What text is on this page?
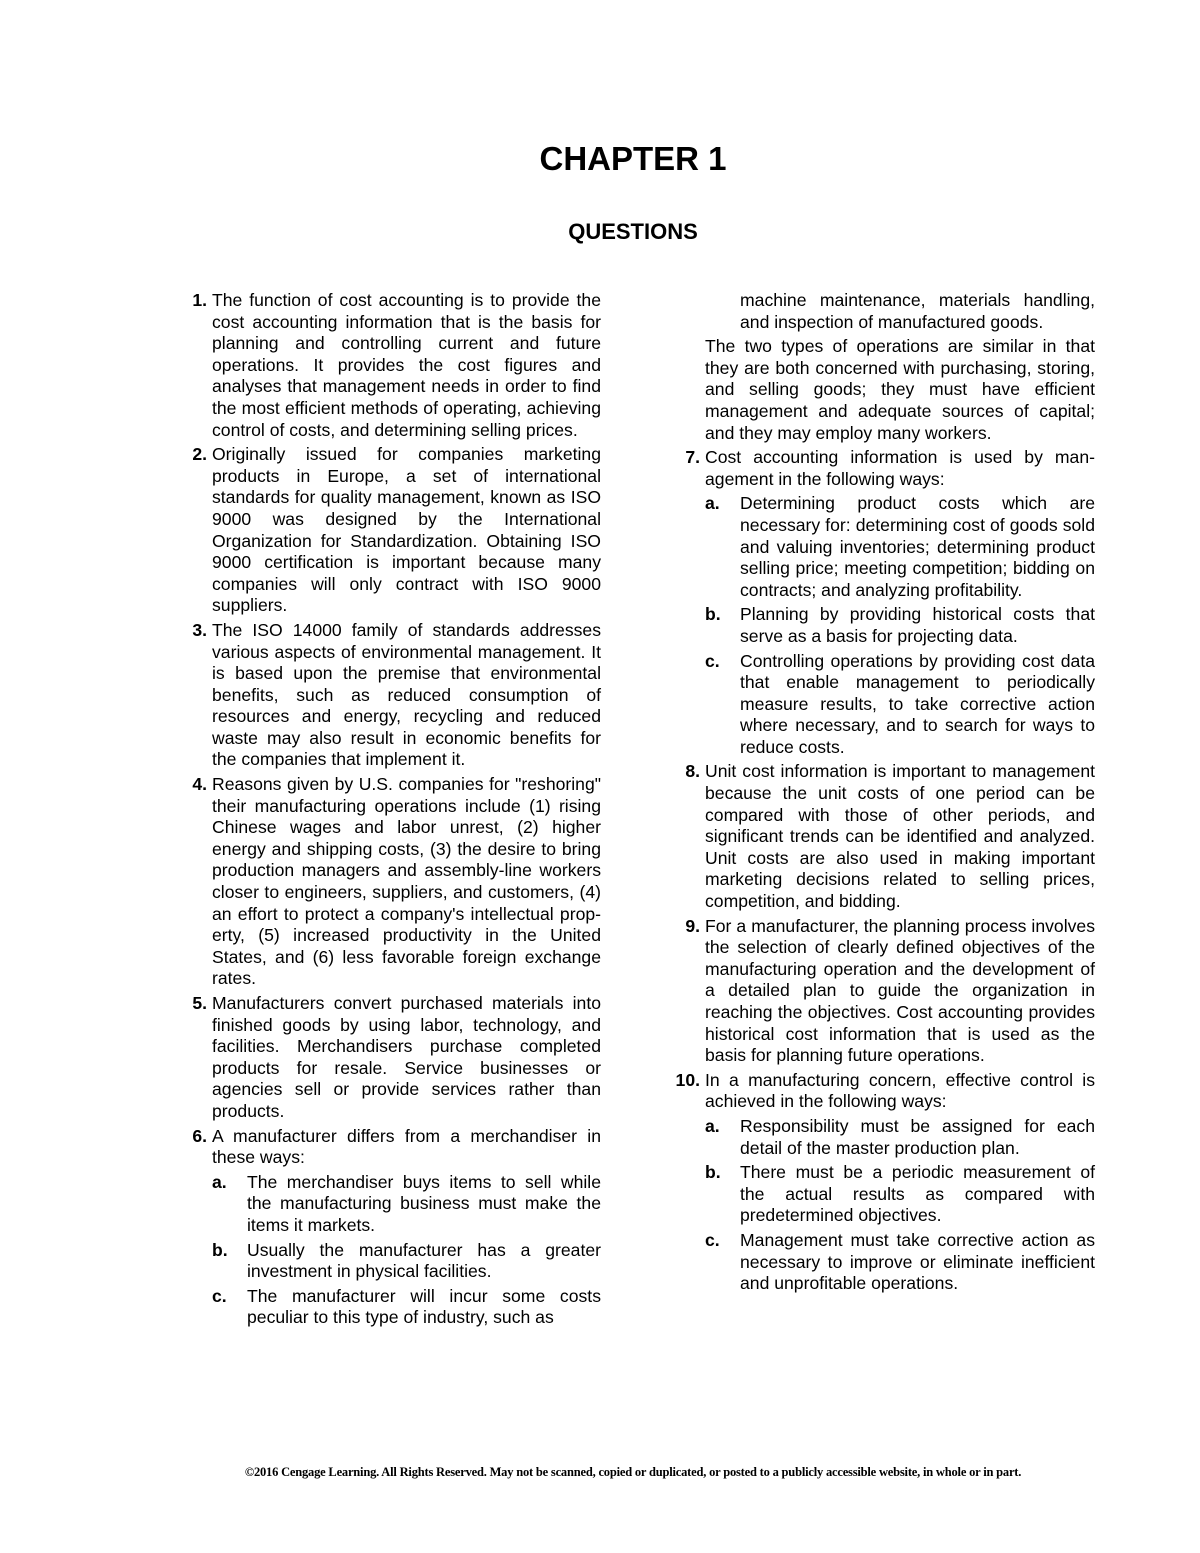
CHAPTER 1
QUESTIONS
1. The function of cost accounting is to provide the cost accounting information that is the basis for planning and controlling current and future operations. It provides the cost figures and analyses that management needs in order to find the most efficient methods of operating, achieving control of costs, and determining selling prices.

2. Originally issued for companies marketing products in Europe, a set of international standards for quality management, known as ISO 9000 was designed by the International Organization for Standardization. Obtaining ISO 9000 certification is important because many companies will only contract with ISO 9000 suppliers.

3. The ISO 14000 family of standards addresses various aspects of environmental management. It is based upon the premise that environmental benefits, such as reduced consumption of resources and energy, recycling and reduced waste may also result in economic benefits for the companies that implement it.

4. Reasons given by U.S. companies for "reshoring" their manufacturing operations include (1) rising Chinese wages and labor unrest, (2) higher energy and shipping costs, (3) the desire to bring production managers and assembly-line workers closer to engineers, suppliers, and customers, (4) an effort to protect a company's intellectual property, (5) increased productivity in the United States, and (6) less favorable foreign exchange rates.

5. Manufacturers convert purchased materials into finished goods by using labor, technology, and facilities. Merchandisers purchase completed products for resale. Service businesses or agencies sell or provide services rather than products.

6. A manufacturer differs from a merchandiser in these ways:

a. The merchandiser buys items to sell while the manufacturing business must make the items it markets.

b. Usually the manufacturer has a greater investment in physical facilities.

c. The manufacturer will incur some costs peculiar to this type of industry, such as

machine maintenance, materials handling, and inspection of manufactured goods.

The two types of operations are similar in that they are both concerned with purchasing, storing, and selling goods; they must have efficient management and adequate sources of capital; and they may employ many workers.

7. Cost accounting information is used by management in the following ways:

a. Determining product costs which are necessary for: determining cost of goods sold and valuing inventories; determining product selling price; meeting competition; bidding on contracts; and analyzing profitability.

b. Planning by providing historical costs that serve as a basis for projecting data.

c. Controlling operations by providing cost data that enable management to periodically measure results, to take corrective action where necessary, and to search for ways to reduce costs.

8. Unit cost information is important to management because the unit costs of one period can be compared with those of other periods, and significant trends can be identified and analyzed. Unit costs are also used in making important marketing decisions related to selling prices, competition, and bidding.

9. For a manufacturer, the planning process involves the selection of clearly defined objectives of the manufacturing operation and the development of a detailed plan to guide the organization in reaching the objectives. Cost accounting provides historical cost information that is used as the basis for planning future operations.

10. In a manufacturing concern, effective control is achieved in the following ways:

a. Responsibility must be assigned for each detail of the master production plan.

b. There must be a periodic measurement of the actual results as compared with predetermined objectives.

c. Management must take corrective action as necessary to improve or eliminate inefficient and unprofitable operations.

©2016 Cengage Learning. All Rights Reserved. May not be scanned, copied or duplicated, or posted to a publicly accessible website, in whole or in part.
